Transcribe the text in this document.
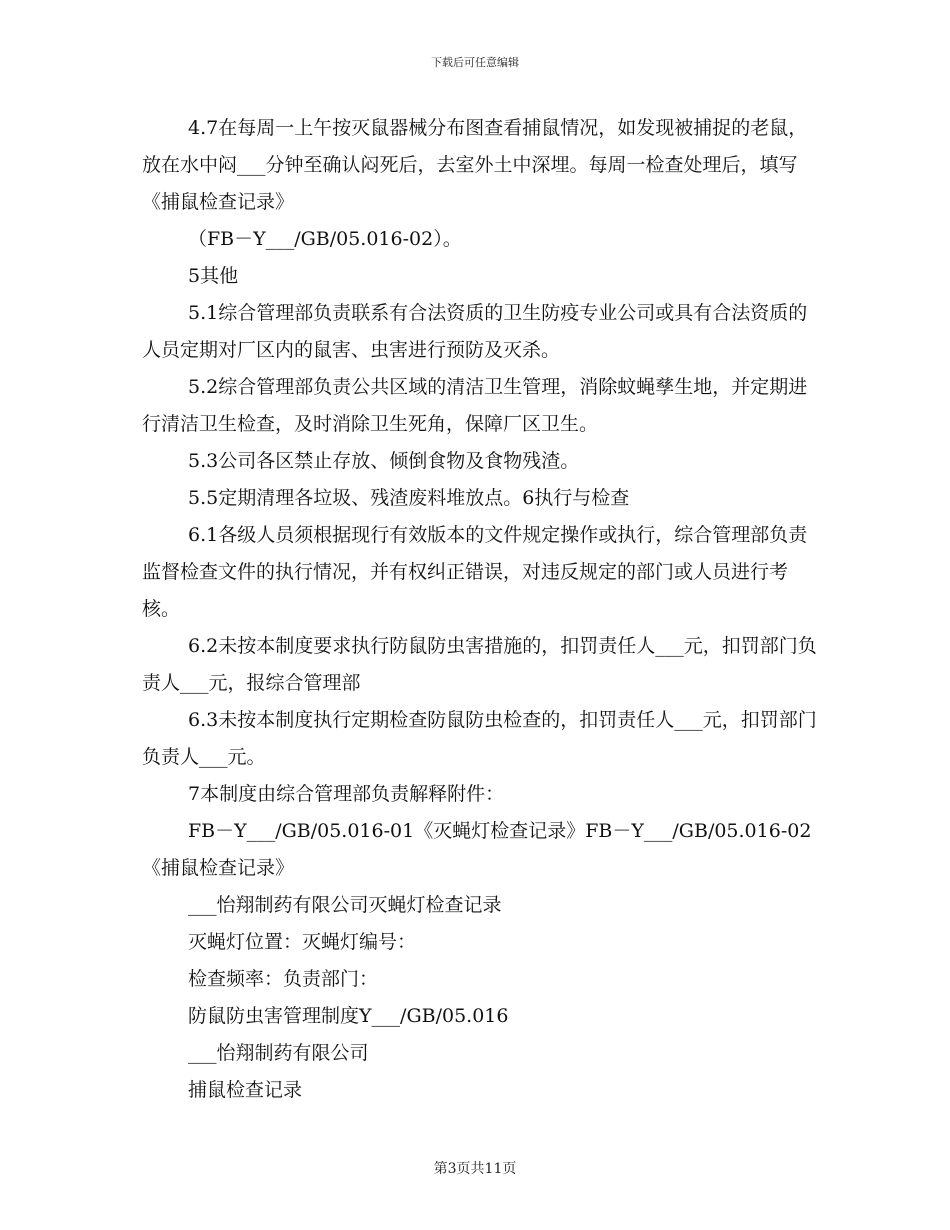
下载后可任意编辑

4.7在每周一上午按灭鼠器械分布图查看捕鼠情况，如发现被捕捉的老鼠，放在水中闷___分钟至确认闷死后，去室外土中深埋。每周一检查处理后，填写《捕鼠检查记录》

（FB－Y___/GB/05.016-02）。

5其他

5.1综合管理部负责联系有合法资质的卫生防疫专业公司或具有合法资质的人员定期对厂区内的鼠害、虫害进行预防及灭杀。

5.2综合管理部负责公共区域的清洁卫生管理，消除蚊蝇孳生地，并定期进行清洁卫生检查，及时消除卫生死角，保障厂区卫生。

5.3公司各区禁止存放、倾倒食物及食物残渣。

5.5定期清理各垃圾、残渣废料堆放点。6执行与检查

6.1各级人员须根据现行有效版本的文件规定操作或执行，综合管理部负责监督检查文件的执行情况，并有权纠正错误，对违反规定的部门或人员进行考核。

6.2未按本制度要求执行防鼠防虫害措施的，扣罚责任人___元，扣罚部门负责人___元，报综合管理部

6.3未按本制度执行定期检查防鼠防虫检查的，扣罚责任人___元，扣罚部门负责人___元。

7本制度由综合管理部负责解释附件：

FB－Y___/GB/05.016-01《灭蝇灯检查记录》FB－Y___/GB/05.016-02《捕鼠检查记录》

___怡翔制药有限公司灭蝇灯检查记录

灭蝇灯位置：灭蝇灯编号：

检查频率：负责部门：

防鼠防虫害管理制度Y___/GB/05.016

___怡翔制药有限公司

捕鼠检查记录

第3页共11页
